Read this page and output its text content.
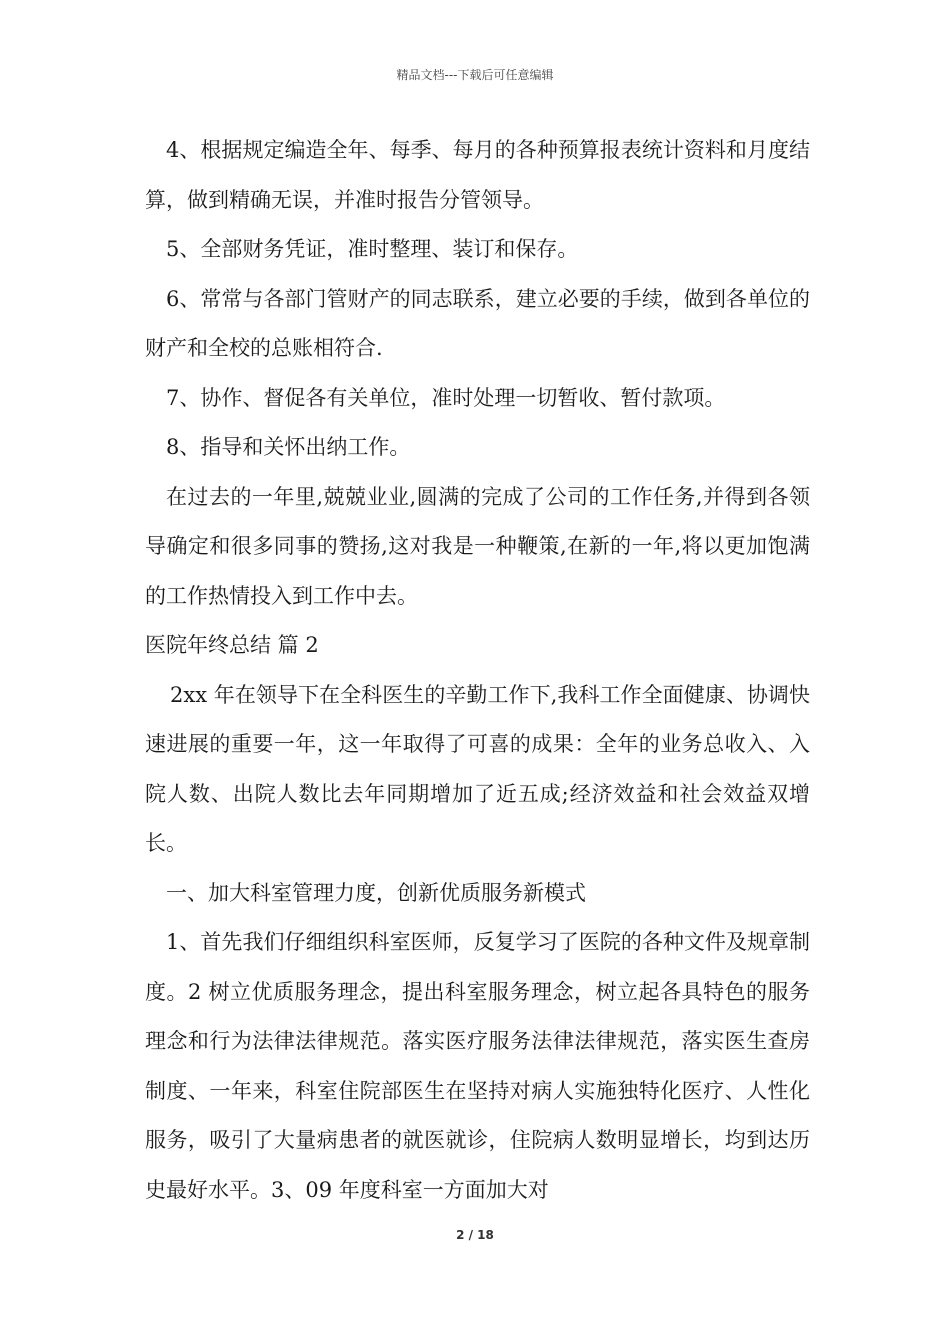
精品文档---下载后可任意编辑

4、根据规定编造全年、每季、每月的各种预算报表统计资料和月度结算，做到精确无误，并准时报告分管领导。

5、全部财务凭证，准时整理、装订和保存。

6、常常与各部门管财产的同志联系，建立必要的手续，做到各单位的财产和全校的总账相符合.

7、协作、督促各有关单位，准时处理一切暂收、暂付款项。

8、指导和关怀出纳工作。

在过去的一年里,兢兢业业,圆满的完成了公司的工作任务,并得到各领导确定和很多同事的赞扬,这对我是一种鞭策,在新的一年,将以更加饱满的工作热情投入到工作中去。

医院年终总结 篇 2

2xx 年在领导下在全科医生的辛勤工作下,我科工作全面健康、协调快速进展的重要一年，这一年取得了可喜的成果：全年的业务总收入、入院人数、出院人数比去年同期增加了近五成;经济效益和社会效益双增长。

一、加大科室管理力度，创新优质服务新模式

1、首先我们仔细组织科室医师，反复学习了医院的各种文件及规章制度。2 树立优质服务理念，提出科室服务理念，树立起各具特色的服务理念和行为法律法律规范。落实医疗服务法律法律规范，落实医生查房制度、一年来，科室住院部医生在坚持对病人实施独特化医疗、人性化服务，吸引了大量病患者的就医就诊，住院病人数明显增长，均到达历史最好水平。3、09 年度科室一方面加大对

2 / 18
